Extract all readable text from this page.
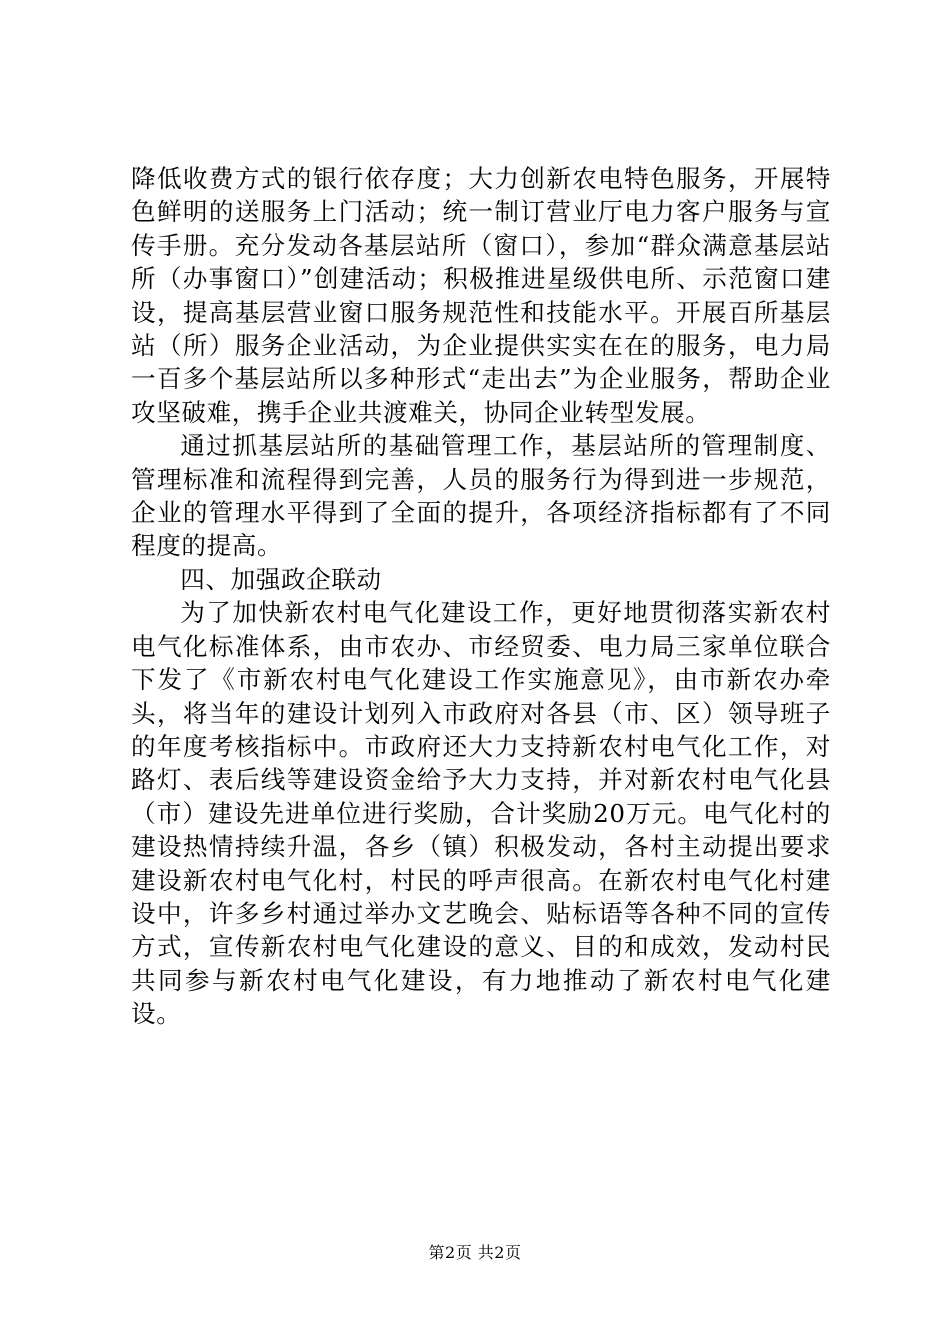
降低收费方式的银行依存度；大力创新农电特色服务，开展特色鲜明的送服务上门活动；统一制订营业厅电力客户服务与宣传手册。充分发动各基层站所（窗口），参加“群众满意基层站所（办事窗口）”创建活动；积极推进星级供电所、示范窗口建设，提高基层营业窗口服务规范性和技能水平。开展百所基层站（所）服务企业活动，为企业提供实实在在的服务，电力局一百多个基层站所以多种形式“走出去”为企业服务，帮助企业攻坚破难，携手企业共渡难关，协同企业转型发展。

通过抓基层站所的基础管理工作，基层站所的管理制度、管理标准和流程得到完善，人员的服务行为得到进一步规范，企业的管理水平得到了全面的提升，各项经济指标都有了不同程度的提高。

四、加强政企联动

为了加快新农村电气化建设工作，更好地贯彻落实新农村电气化标准体系，由市农办、市经贸委、电力局三家单位联合下发了《市新农村电气化建设工作实施意见》，由市新农办牵头，将当年的建设计划列入市政府对各县（市、区）领导班子的年度考核指标中。市政府还大力支持新农村电气化工作，对路灯、表后线等建设资金给予大力支持，并对新农村电气化县（市）建设先进单位进行奖励，合计奖励20万元。电气化村的建设热情持续升温，各乡（镇）积极发动，各村主动提出要求建设新农村电气化村，村民的呼声很高。在新农村电气化村建设中，许多乡村通过举办文艺晚会、贴标语等各种不同的宣传方式，宣传新农村电气化建设的意义、目的和成效，发动村民共同参与新农村电气化建设，有力地推动了新农村电气化建设。

第2页 共2页
